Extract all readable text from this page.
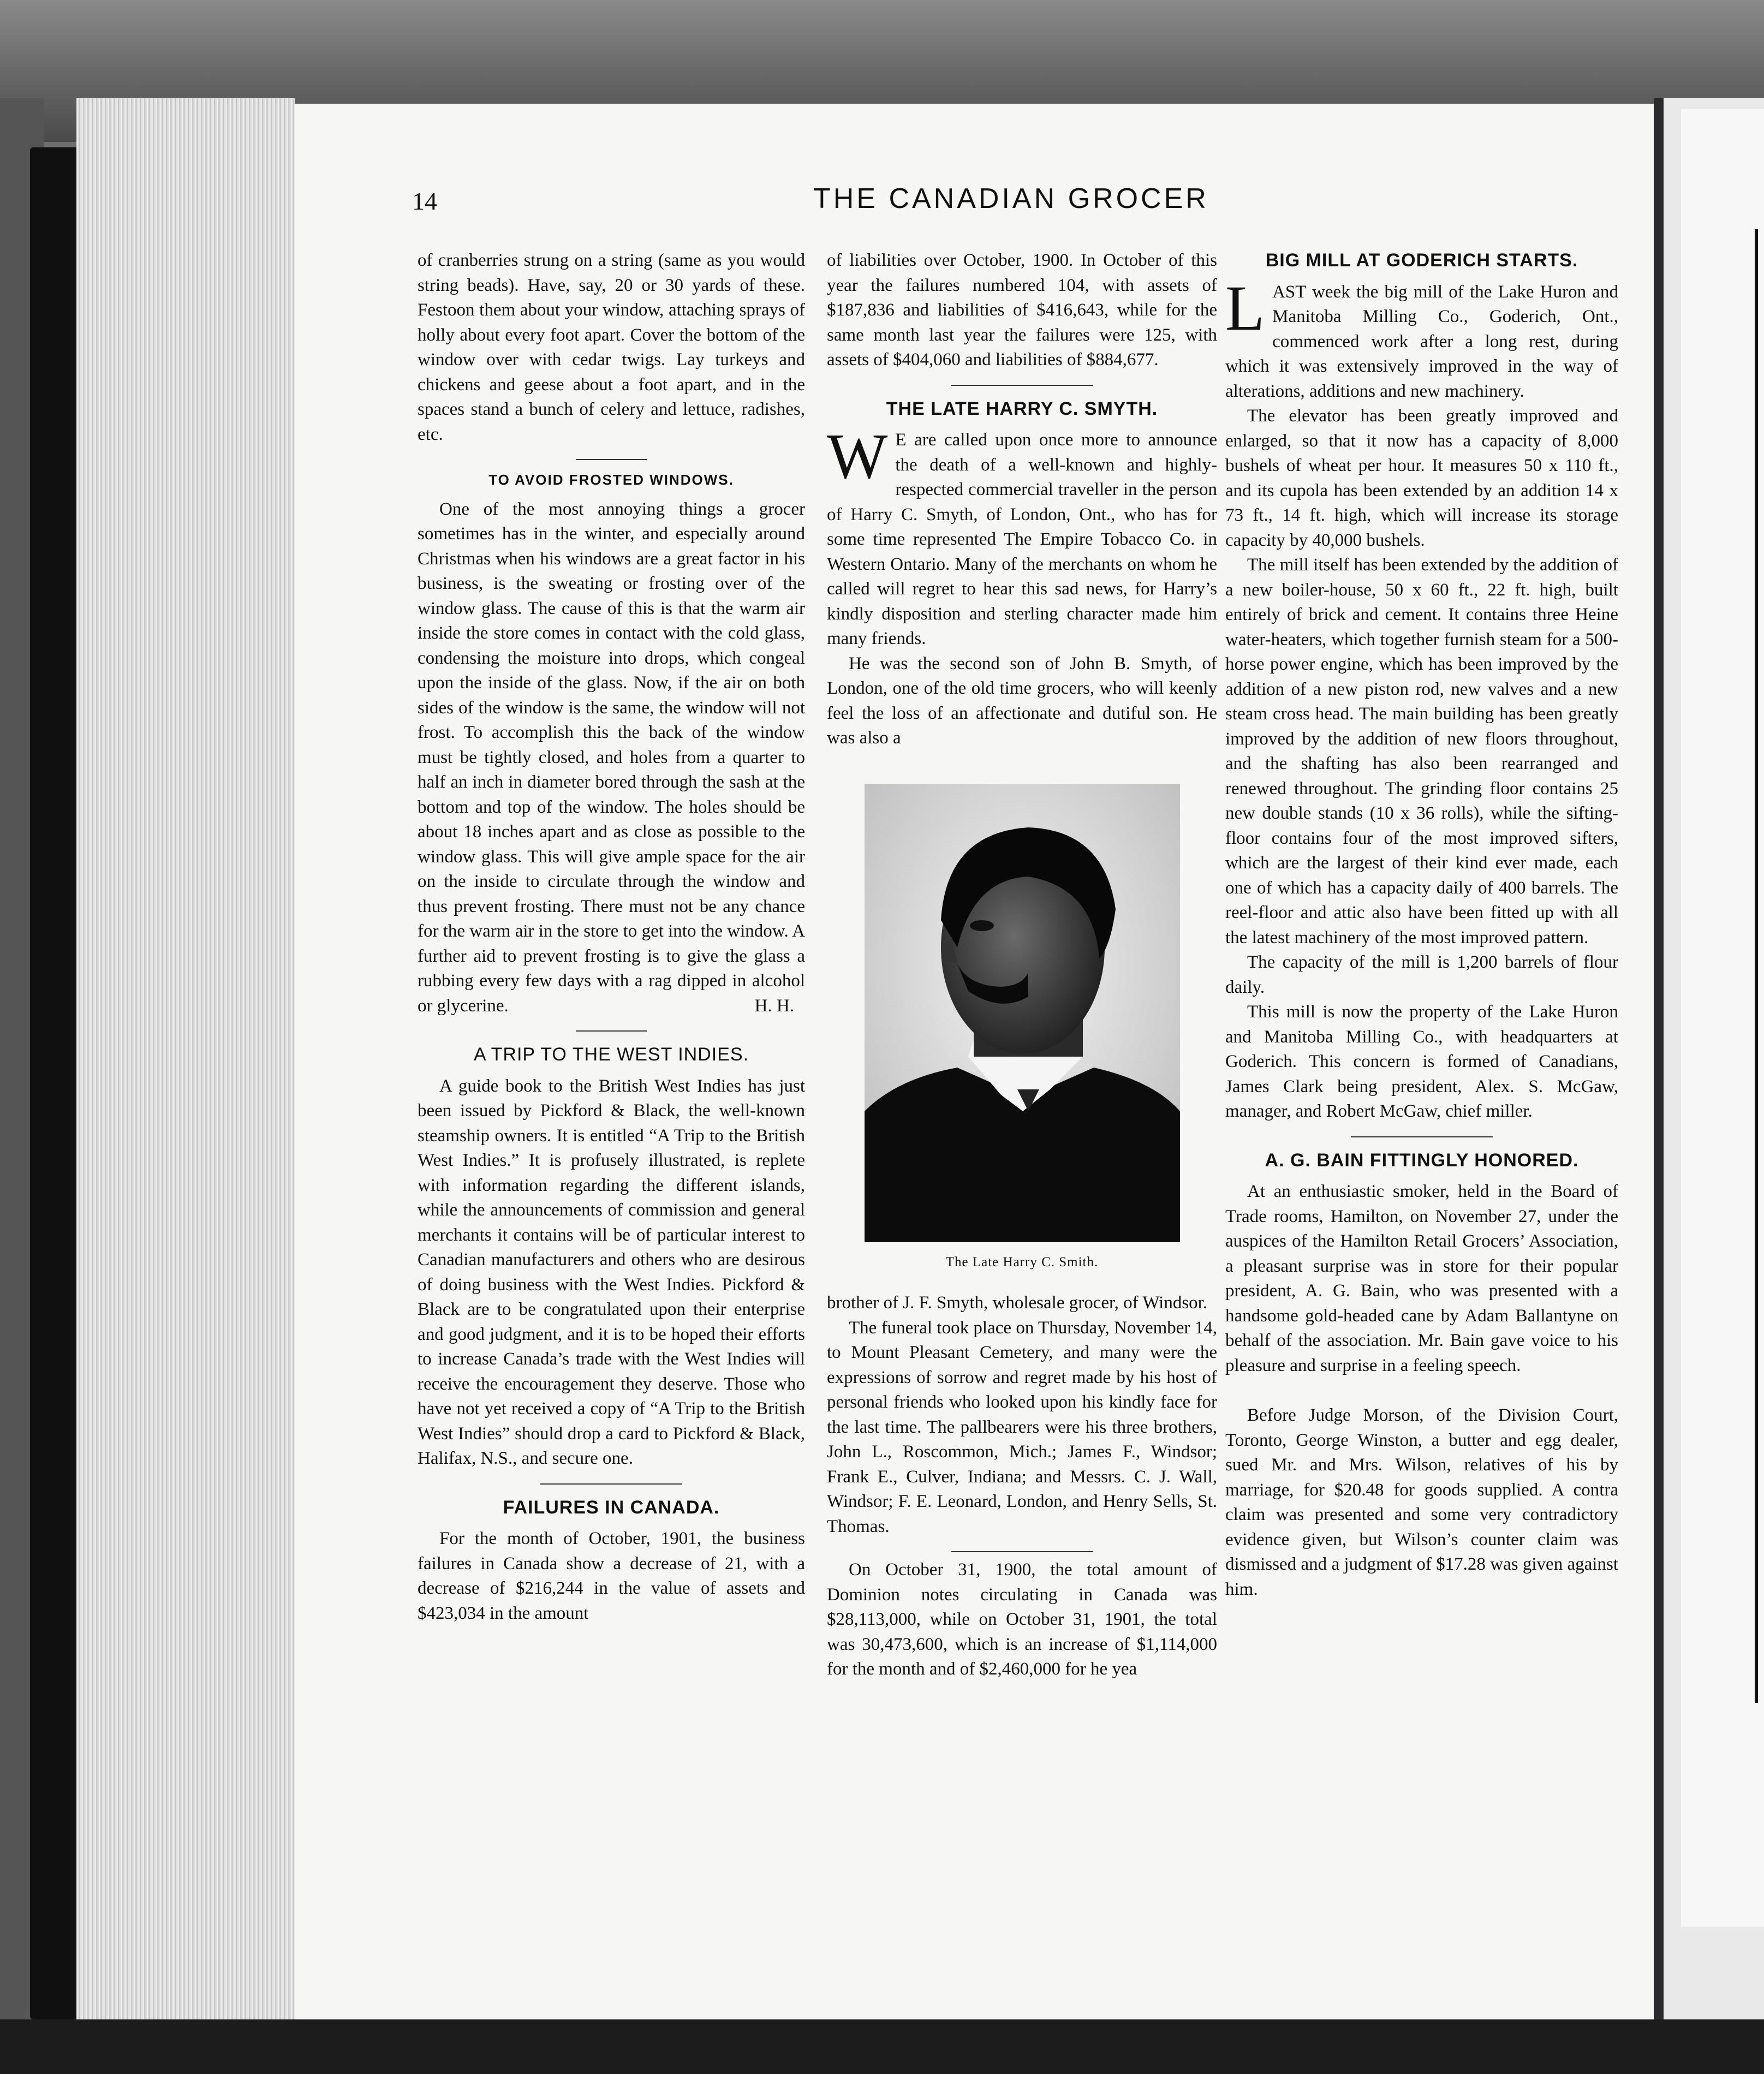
14	THE CANADIAN GROCER

of cranberries strung on a string (same as you would string beads). Have, say, 20 or 30 yards of these. Festoon them about your window, attaching sprays of holly about every foot apart. Cover the bottom of the window over with cedar twigs. Lay turkeys and chickens and geese about a foot apart, and in the spaces stand a bunch of celery and lettuce, radishes, etc.

TO AVOID FROSTED WINDOWS.

One of the most annoying things a grocer sometimes has in the winter, and especially around Christmas when his windows are a great factor in his business, is the sweating or frosting over of the window glass. The cause of this is that the warm air inside the store comes in contact with the cold glass, condensing the moisture into drops, which congeal upon the inside of the glass. Now, if the air on both sides of the window is the same, the window will not frost. To accomplish this the back of the window must be tightly closed, and holes from a quarter to half an inch in diameter bored through the sash at the bottom and top of the window. The holes should be about 18 inches apart and as close as possible to the window glass. This will give ample space for the air on the inside to circulate through the window and thus prevent frosting. There must not be any chance for the warm air in the store to get into the window. A further aid to prevent frosting is to give the glass a rubbing every few days with a rag dipped in alcohol or glycerine.	H. H.

A TRIP TO THE WEST INDIES.

A guide book to the British West Indies has just been issued by Pickford & Black, the well-known steamship owners. It is entitled “A Trip to the British West Indies.” It is profusely illustrated, is replete with information regarding the different islands, while the announcements of commission and general merchants it contains will be of particular interest to Canadian manufacturers and others who are desirous of doing business with the West Indies. Pickford & Black are to be congratulated upon their enterprise and good judgment, and it is to be hoped their efforts to increase Canada’s trade with the West Indies will receive the encouragement they deserve. Those who have not yet received a copy of “A Trip to the British West Indies” should drop a card to Pickford & Black, Halifax, N.S., and secure one.

FAILURES IN CANADA.

For the month of October, 1901, the business failures in Canada show a decrease of 21, with a decrease of $216,244 in the value of assets and $423,034 in the amount

of liabilities over October, 1900. In October of this year the failures numbered 104, with assets of $187,836 and liabilities of $416,643, while for the same month last year the failures were 125, with assets of $404,060 and liabilities of $884,677.

THE LATE HARRY C. SMYTH.

W E are called upon once more to announce the death of a well-known and highly-respected commercial traveller in the person of Harry C. Smyth, of London, Ont., who has for some time represented The Empire Tobacco Co. in Western Ontario. Many of the merchants on whom he called will regret to hear this sad news, for Harry’s kindly disposition and sterling character made him many friends.

He was the second son of John B. Smyth, of London, one of the old time grocers, who will keenly feel the loss of an affectionate and dutiful son. He was also a

The Late Harry C. Smith.

brother of J. F. Smyth, wholesale grocer, of Windsor.

The funeral took place on Thursday, November 14, to Mount Pleasant Cemetery, and many were the expressions of sorrow and regret made by his host of personal friends who looked upon his kindly face for the last time. The pallbearers were his three brothers, John L., Roscommon, Mich.; James F., Windsor; Frank E., Culver, Indiana; and Messrs. C. J. Wall, Windsor; F. E. Leonard, London, and Henry Sells, St. Thomas.

On October 31, 1900, the total amount of Dominion notes circulating in Canada was $28,113,000, while on October 31, 1901, the total was 30,473,600, which is an increase of $1,114,000 for the month and of $2,460,000 for he yea

BIG MILL AT GODERICH STARTS.

LAST week the big mill of the Lake Huron and Manitoba Milling Co., Goderich, Ont., commenced work after a long rest, during which it was extensively improved in the way of alterations, additions and new machinery.

The elevator has been greatly improved and enlarged, so that it now has a capacity of 8,000 bushels of wheat per hour. It measures 50 x 110 ft., and its cupola has been extended by an addition 14 x 73 ft., 14 ft. high, which will increase its storage capacity by 40,000 bushels.

The mill itself has been extended by the addition of a new boiler-house, 50 x 60 ft., 22 ft. high, built entirely of brick and cement. It contains three Heine water-heaters, which together furnish steam for a 500-horse power engine, which has been improved by the addition of a new piston rod, new valves and a new steam cross head. The main building has been greatly improved by the addition of new floors throughout, and the shafting has also been rearranged and renewed throughout. The grinding floor contains 25 new double stands (10 x 36 rolls), while the sifting-floor contains four of the most improved sifters, which are the largest of their kind ever made, each one of which has a capacity daily of 400 barrels. The reel-floor and attic also have been fitted up with all the latest machinery of the most improved pattern.

The capacity of the mill is 1,200 barrels of flour daily.

This mill is now the property of the Lake Huron and Manitoba Milling Co., with headquarters at Goderich. This concern is formed of Canadians, James Clark being president, Alex. S. McGaw, manager, and Robert McGaw, chief miller.

A. G. BAIN FITTINGLY HONORED.

At an enthusiastic smoker, held in the Board of Trade rooms, Hamilton, on November 27, under the auspices of the Hamilton Retail Grocers’ Association, a pleasant surprise was in store for their popular president, A. G. Bain, who was presented with a handsome gold-headed cane by Adam Ballantyne on behalf of the association. Mr. Bain gave voice to his pleasure and surprise in a feeling speech.

Before Judge Morson, of the Division Court, Toronto, George Winston, a butter and egg dealer, sued Mr. and Mrs. Wilson, relatives of his by marriage, for $20.48 for goods supplied. A contra claim was presented and some very contradictory evidence given, but Wilson’s counter claim was dismissed and a judgment of $17.28 was given against him.
